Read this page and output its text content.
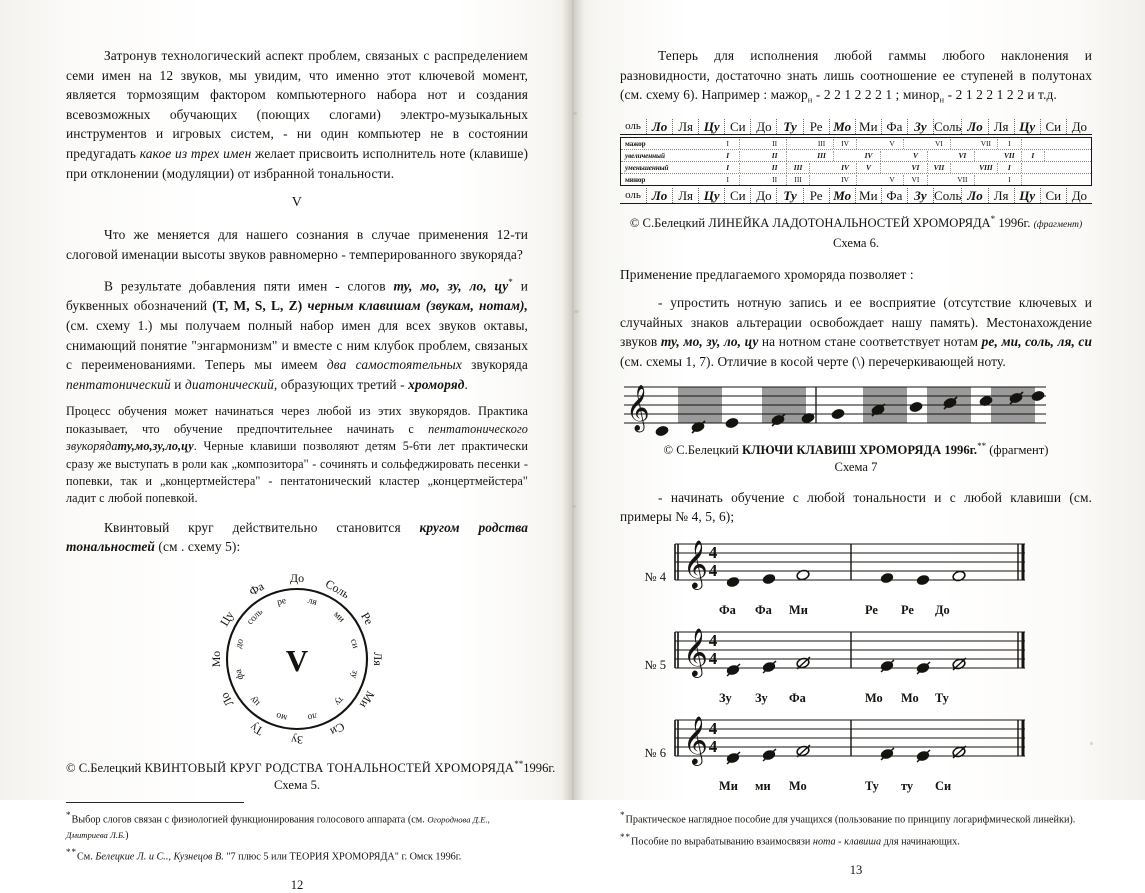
Затронув технологический аспект проблем, связаных с распределением семи имен на 12 звуков, мы увидим, что именно этот ключевой момент, является тормозящим фактором компьютерного набора нот и создания всевозможных обучающих (поющих слогами) электро-музыкальных инструментов и игровых систем, - ни один компьютер не в состоянии предугадать какое из трех имен желает присвоить исполнитель ноте (клавише) при отклонении (модуляции) от избранной тональности.

V

Что же меняется для нашего сознания в случае применения 12-ти слоговой именации высоты звуков равномерно - темперированного звукоряда?

В результате добавления пяти имен - слогов ту, мо, зу, ло, цу* и буквенных обозначений (T, M, S, L, Z) черным клавишам (звукам, нотам), (см. схему 1.) мы получаем полный набор имен для всех звуков октавы, снимающий понятие "энгармонизм" и вместе с ним клубок проблем, связаных с переименованиями. Теперь мы имеем два самостоятельных звукоряда пентатонический и диатонический, образующих третий - хроморяд.

Процесс обучения может начинаться через любой из этих звукорядов. Практика показывает, что обучение предпочтительнее начинать с пентатонического звукорядату,мо,зу,ло,цу. Черные клавиши позволяют детям 5-6ти лет практически сразу же выступать в роли как „композитора" - сочинять и сольфеджировать песенки - попевки, так и „концертмейстера" - пентатонический кластер „концертмейстера" ладит с любой попевкой.

Квинтовый круг действительно становится кругом родства тональностей (см . схему 5):

V
До Соль
Ре
Ля
Ми
Си
Зу
Ту
Ло
Мо
Цу
Фа
ля
ми
си
зу
ту
ло
мо
цу
фа
до
соль
ре
© С.Белецкий КВИНТОВЫЙ КРУГ РОДСТВА ТОНАЛЬНОСТЕЙ ХРОМОРЯДА**1996г.
Схема 5.

*Выбор слогов связан с физиологией функционирования голосового аппарата (см. Огороднова Д.Е., Дмитриева Л.Б.)

**См. Белецкие Л. и С.., Кузнецов В. "7 плюс 5 или ТЕОРИЯ ХРОМОРЯДА" г. Омск 1996г.

12

Теперь для исполнения любой гаммы любого наклонения и разновидности, достаточно знать лишь соотношение ее ступеней в полутонах (см. схему 6). Например : мажор$_н$ - 2 2 1 2 2 2 1 ; минор$_н$ - 2 1 2 2 1 2 2 и т.д.

оль Ло Ля Цу Си До Ту Ре Мо Ми Фа Зу Соль Ло Ля Цу Си До
мажор	I	II	III	IV	V	VI	VII	I
увеличенный	I	II	III	IV	V	VI	VII	I
уменьшенный	I	II	III	IV	V	VI	VII	VIII	I
минор	I	II	III	IV	V	VI	VII	I
оль Ло Ля Цу Си До Ту Ре Мо Ми Фа Зу Соль Ло Ля Цу Си До
© С.Белецкий ЛИНЕЙКА ЛАДОТОНАЛЬНОСТЕЙ ХРОМОРЯДА* 1996г. (фрагмент)
Схема 6.

Применение предлагаемого хроморяда позволяет :

- упростить нотную запись и ее восприятие (отсутствие ключевых и случайных знаков альтерации освобождает нашу память). Местонахождение звуков ту, мо, зу, ло, цу на нотном стане соответствует нотам ре, ми, соль, ля, си (см. схемы 1, 7). Отличие в косой черте (\) перечеркивающей ноту.

𝄞
© С.Белецкий КЛЮЧИ КЛАВИШ ХРОМОРЯДА 1996г.** (фрагмент)
Схема 7

- начинать обучение с любой тональности и с любой клавиши (см. примеры № 4, 5, 6);

№ 4 𝄞 4
4
Фа Фа Ми	Ре Ре До
№ 5 𝄞 4
4
Зу Зу Фа	Мо Мо Ту
№ 6 𝄞 4
4
Ми ми Мо	Ту ту Си

*Практическое наглядное пособие для учащихся (пользование по принципу логарифмической линейки).

**Пособие по вырабатыванию взаимосвязи нота - клавиша для начинающих.

13
